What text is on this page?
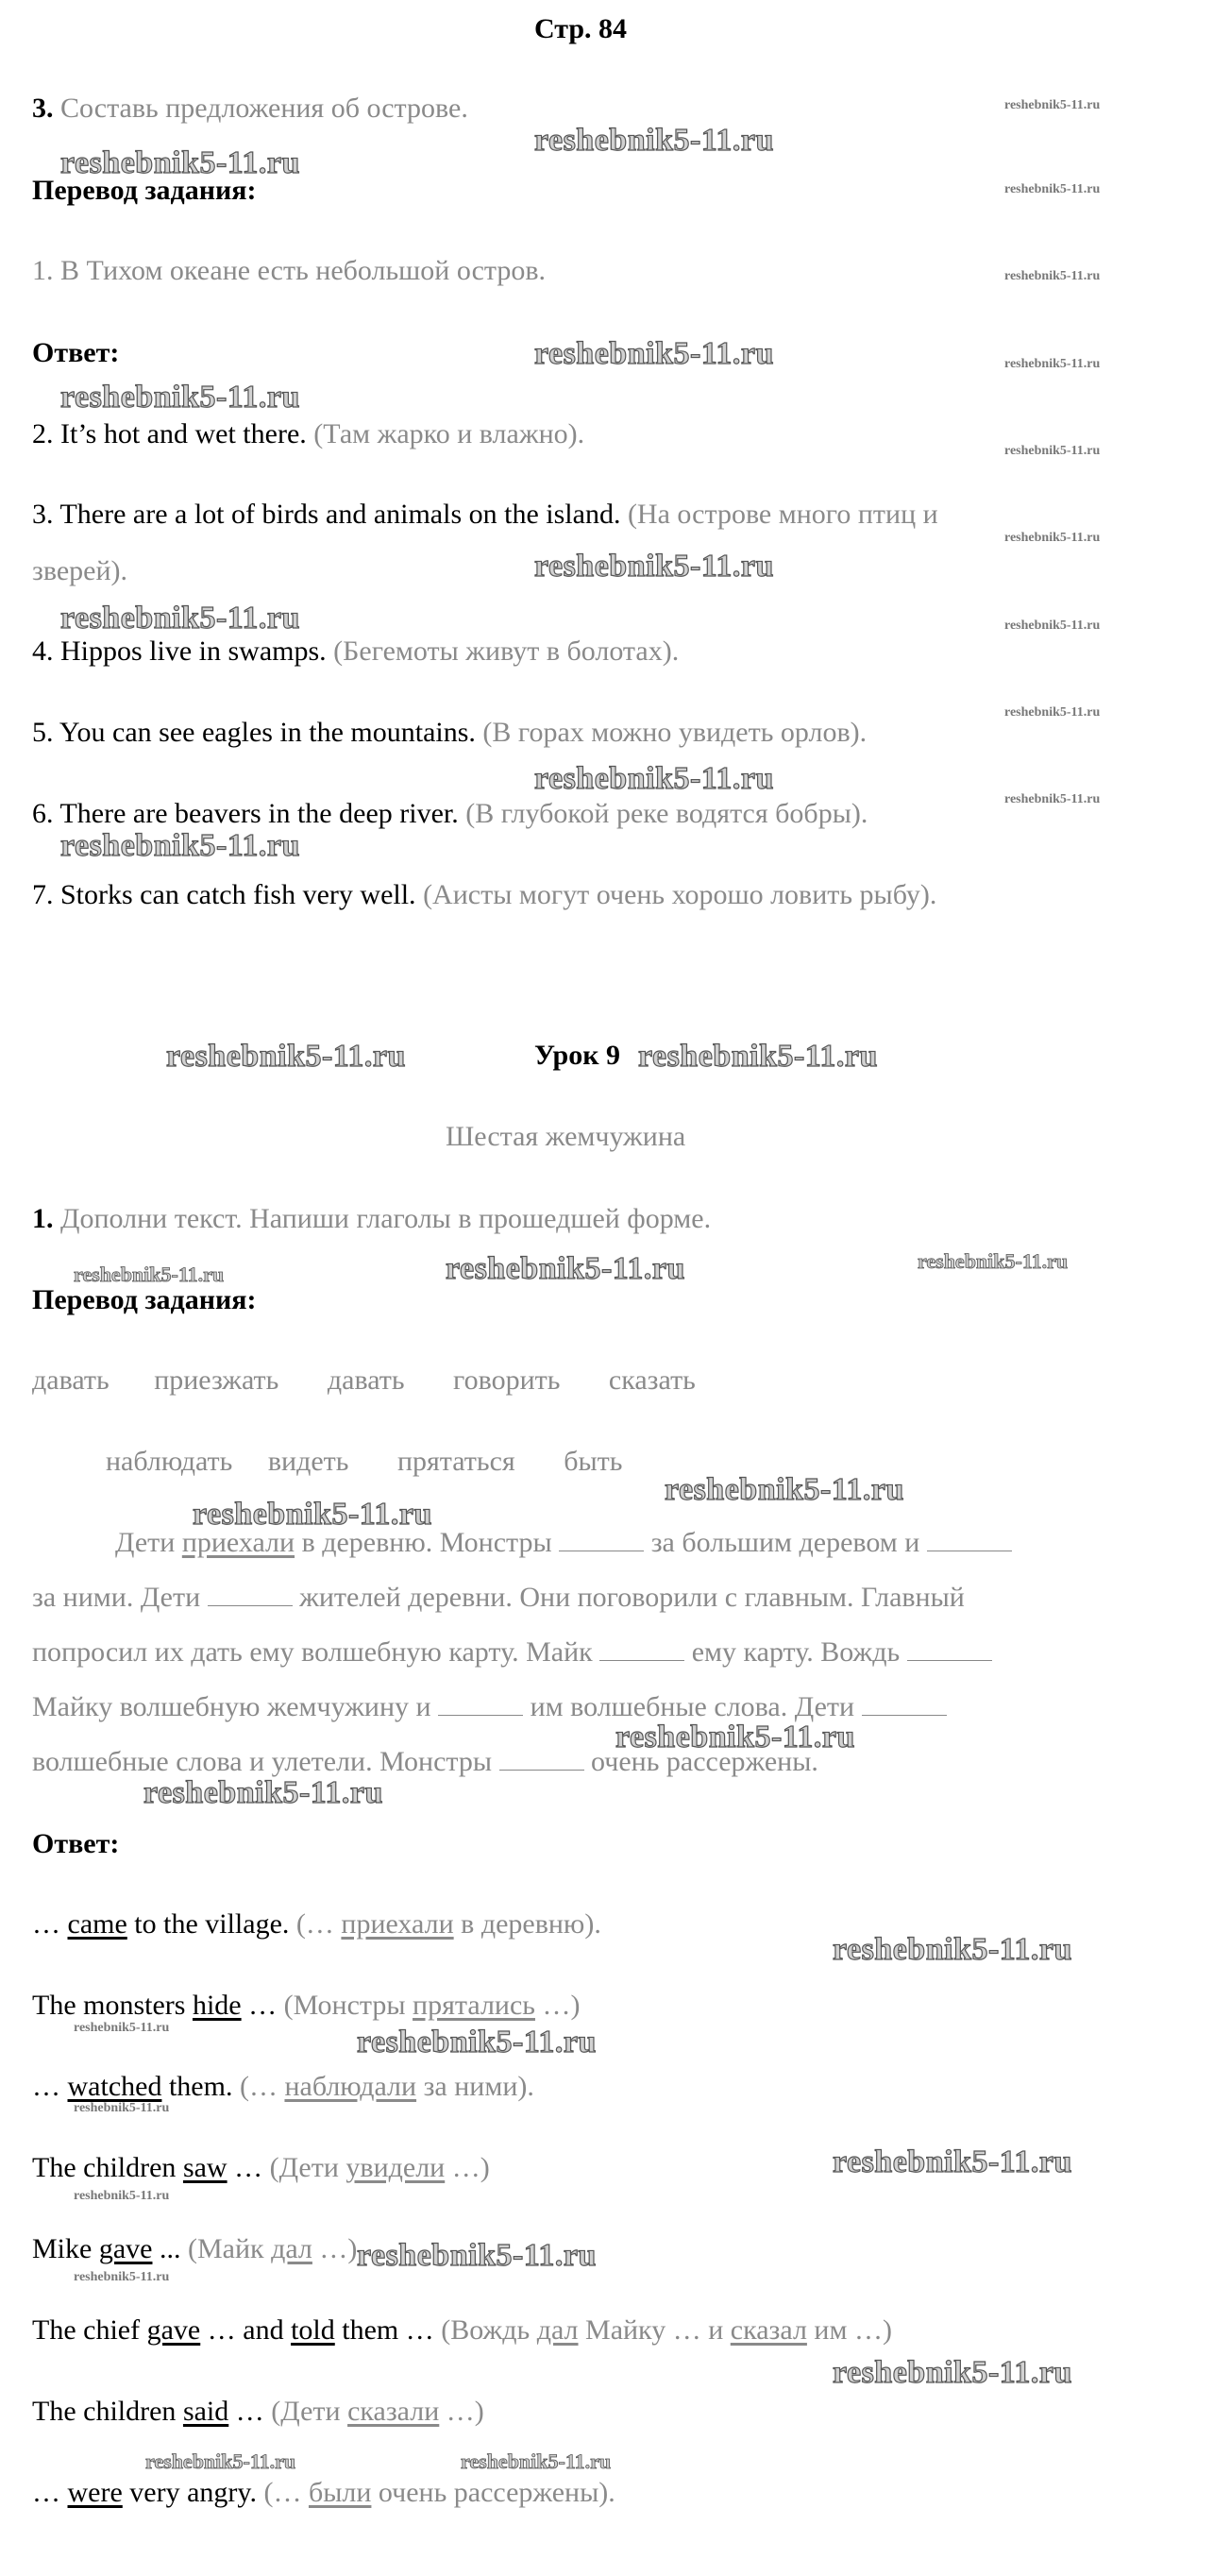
Стр. 84
3. Составь предложения об острове.
Перевод задания:
1. В Тихом океане есть небольшой остров.
Ответ:
2. It’s hot and wet there. (Там жарко и влажно).
3. There are a lot of birds and animals on the island. (На острове много птиц и
зверей).
4. Hippos live in swamps. (Бегемоты живут в болотах).
5. You can see eagles in the mountains. (В горах можно увидеть орлов).
6. There are beavers in the deep river. (В глубокой реке водятся бобры).
7. Storks can catch fish very well. (Аисты могут очень хорошо ловить рыбу).
Урок 9
Шестая жемчужина
1. Дополни текст. Напиши глаголы в прошедшей форме.
Перевод задания:
давать приезжать давать говорить сказать
наблюдать видеть прятаться быть
Дети приехали в деревню. Монстры	за большим деревом и
за ними. Дети	жителей деревни. Они поговорили с главным. Главный
попросил их дать ему волшебную карту. Майк	ему карту. Вождь
Майку волшебную жемчужину и	им волшебные слова. Дети
волшебные слова и улетели. Монстры	очень рассержены.
Ответ:
… came to the village. (… приехали в деревню).
The monsters hide … (Монстры прятались …)
… watched them. (… наблюдали за ними).
The children saw … (Дети увидели …)
Mike gave ... (Майк дал …)
The chief gave … and told them … (Вождь дал Майку … и сказал им …)
The children said … (Дети сказали …)
… were very angry. (… были очень рассержены).
reshebnik5-11.ru
reshebnik5-11.ru
reshebnik5-11.ru
reshebnik5-11.ru
reshebnik5-11.ru
reshebnik5-11.ru
reshebnik5-11.ru
reshebnik5-11.ru
reshebnik5-11.ru	reshebnik5-11.ru
reshebnik5-11.ru
reshebnik5-11.ru
reshebnik5-11.ru
reshebnik5-11.ru
reshebnik5-11.ru
reshebnik5-11.ru
reshebnik5-11.ru
reshebnik5-11.ru
reshebnik5-11.ru
reshebnik5-11.ru
reshebnik5-11.ru
reshebnik5-11.ru
reshebnik5-11.ru	reshebnik5-11.ru
reshebnik5-11.ru
reshebnik5-11.ru
reshebnik5-11.ru
reshebnik5-11.ru
reshebnik5-11.ru
reshebnik5-11.ru
reshebnik5-11.ru
reshebnik5-11.ru
reshebnik5-11.ru
reshebnik5-11.ru
reshebnik5-11.ru
reshebnik5-11.ru
reshebnik5-11.ru
